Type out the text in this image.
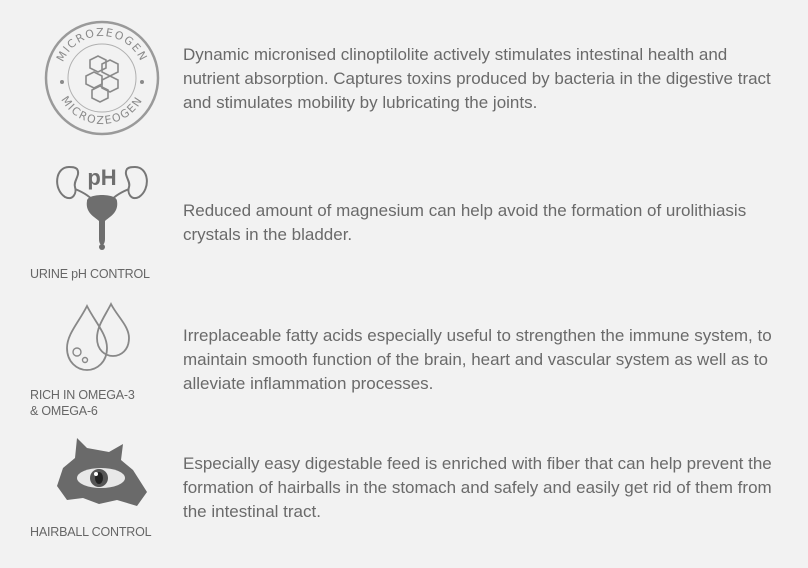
MICROZEOGEN
MICROZEOGEN
Dynamic micronised clinoptilolite actively stimulates intestinal health and nutrient absorption. Captures toxins produced by bacteria in the digestive tract and stimulates mobility by lubricating the joints.
pH
URINE pH CONTROL
Reduced amount of magnesium can help avoid the formation of urolithiasis crystals in the bladder.
RICH IN OMEGA-3
& OMEGA-6
Irreplaceable fatty acids especially useful to strengthen the immune system, to maintain smooth function of the brain, heart and vascular system as well as to alleviate inflammation processes.
HAIRBALL CONTROL
Especially easy digestable feed is enriched with fiber that can help prevent the formation of hairballs in the stomach and safely and easily get rid of them from the intestinal tract.
